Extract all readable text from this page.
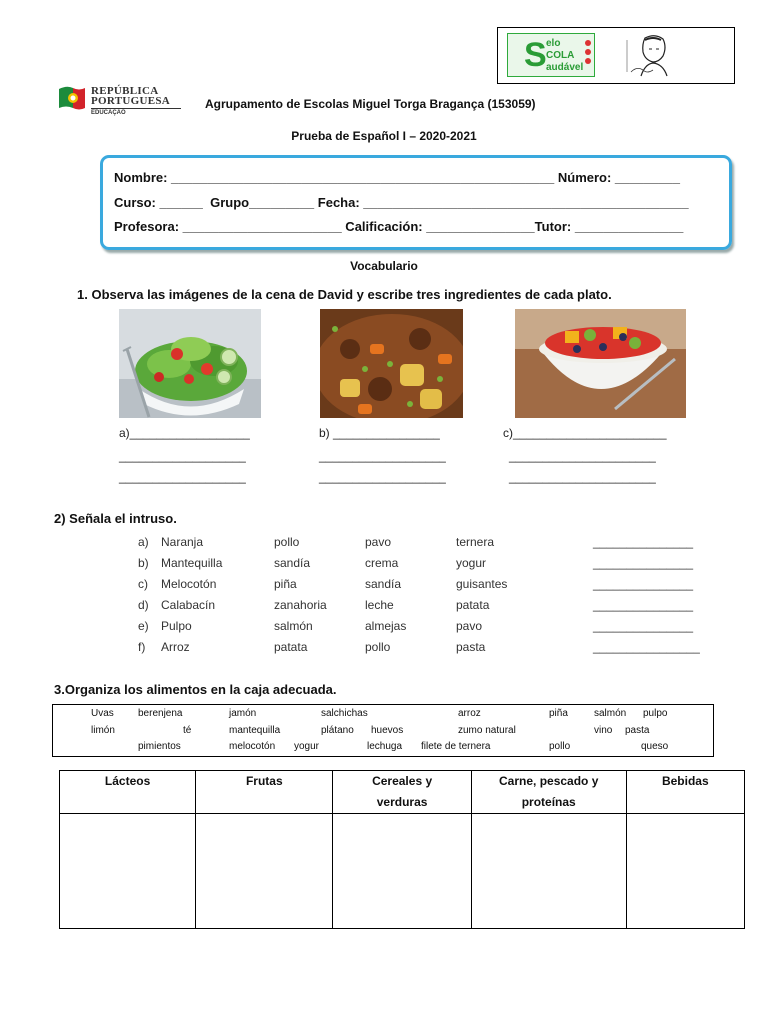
S elo
COLA
audável
REPÚBLICA
PORTUGUESA
EDUCAÇÃO
Agrupamento de Escolas Miguel Torga Bragança (153059)
Prueba de Español I – 2020-2021
Nombre: _____________________________________________________ Número: _________
Curso: ______  Grupo_________ Fecha: _____________________________________________
Profesora: ______________________ Calificación: _______________Tutor: _______________
Vocabulario
1. Observa las imágenes de la cena de David y escribe tres ingredientes de cada plato.
a)__________________
___________________
___________________
b) ________________
___________________
___________________
c)_______________________
______________________
______________________
2) Señala el intruso.
a) Naranja	pollo	pavo	ternera	_______________
b) Mantequilla	sandía	crema	yogur	_______________
c) Melocotón	piña	sandía	guisantes	_______________
d) Calabacín	zanahoria	leche	patata	_______________
e) Pulpo	salmón	almejas	pavo	_______________
f) Arroz	patata	pollo	pasta	________________
3.Organiza los alimentos en la caja adecuada.
Uvas berenjena	jamón	salchichas	arroz	piña	salmón pulpo
limón	té	mantequilla	plátano huevos	zumo natural	vino pasta
pimientos	melocotón yogur	lechuga filete de ternera	pollo	queso
Lácteos	Frutas	Cereales y verduras	Carne, pescado y proteínas	Bebidas
